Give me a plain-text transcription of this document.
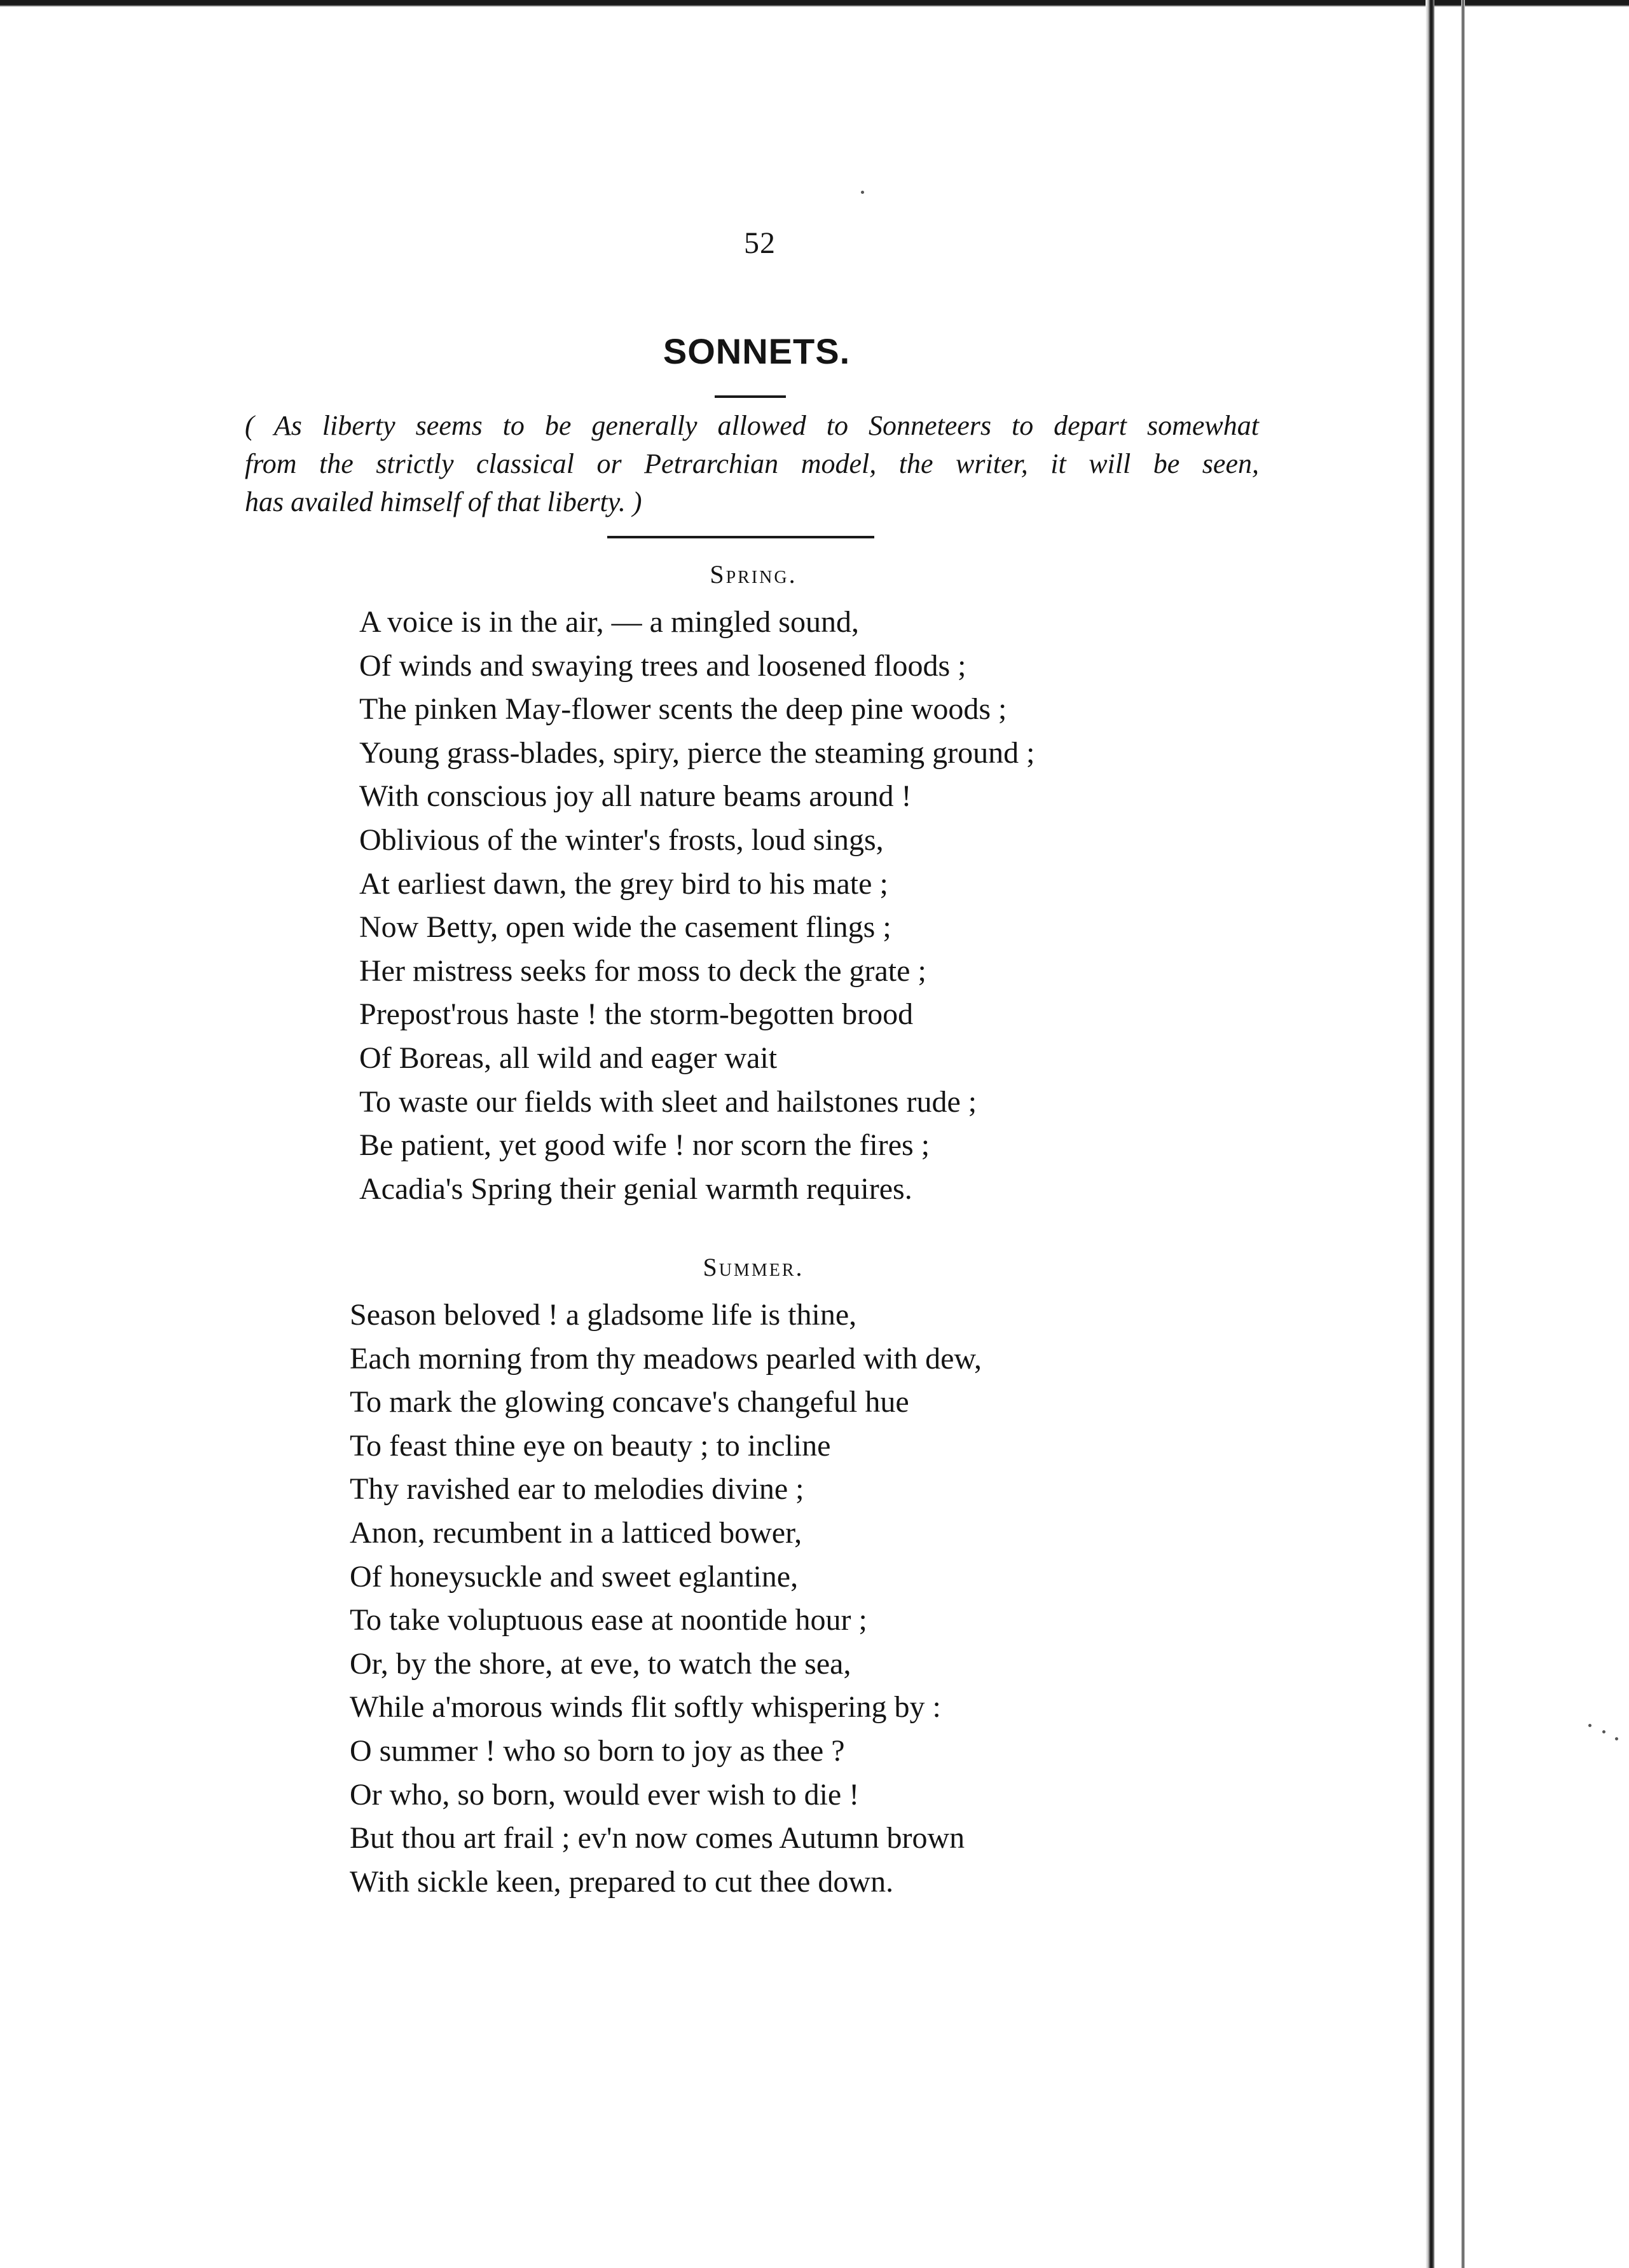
52
SONNETS.
( As liberty seems to be generally allowed to Sonneteers to depart somewhat
from the strictly classical or Petrarchian model, the writer, it will be seen,
has availed himself of that liberty. )
Spring.
A voice is in the air, — a mingled sound,
Of winds and swaying trees and loosened floods ;
The pinken May-flower scents the deep pine woods ;
Young grass-blades, spiry, pierce the steaming ground ;
With conscious joy all nature beams around !
Oblivious of the winter's frosts, loud sings,
At earliest dawn, the grey bird to his mate ;
Now Betty, open wide the casement flings ;
Her mistress seeks for moss to deck the grate ;
Prepost'rous haste ! the storm-begotten brood
Of Boreas, all wild and eager wait
To waste our fields with sleet and hailstones rude ;
Be patient, yet good wife ! nor scorn the fires ;
Acadia's Spring their genial warmth requires.
Summer.
Season beloved ! a gladsome life is thine,
Each morning from thy meadows pearled with dew,
To mark the glowing concave's changeful hue
To feast thine eye on beauty ; to incline
Thy ravished ear to melodies divine ;
Anon, recumbent in a latticed bower,
Of honeysuckle and sweet eglantine,
To take voluptuous ease at noontide hour ;
Or, by the shore, at eve, to watch the sea,
While a'morous winds flit softly whispering by :
O summer ! who so born to joy as thee ?
Or who, so born, would ever wish to die !
But thou art frail ; ev'n now comes Autumn brown
With sickle keen, prepared to cut thee down.
